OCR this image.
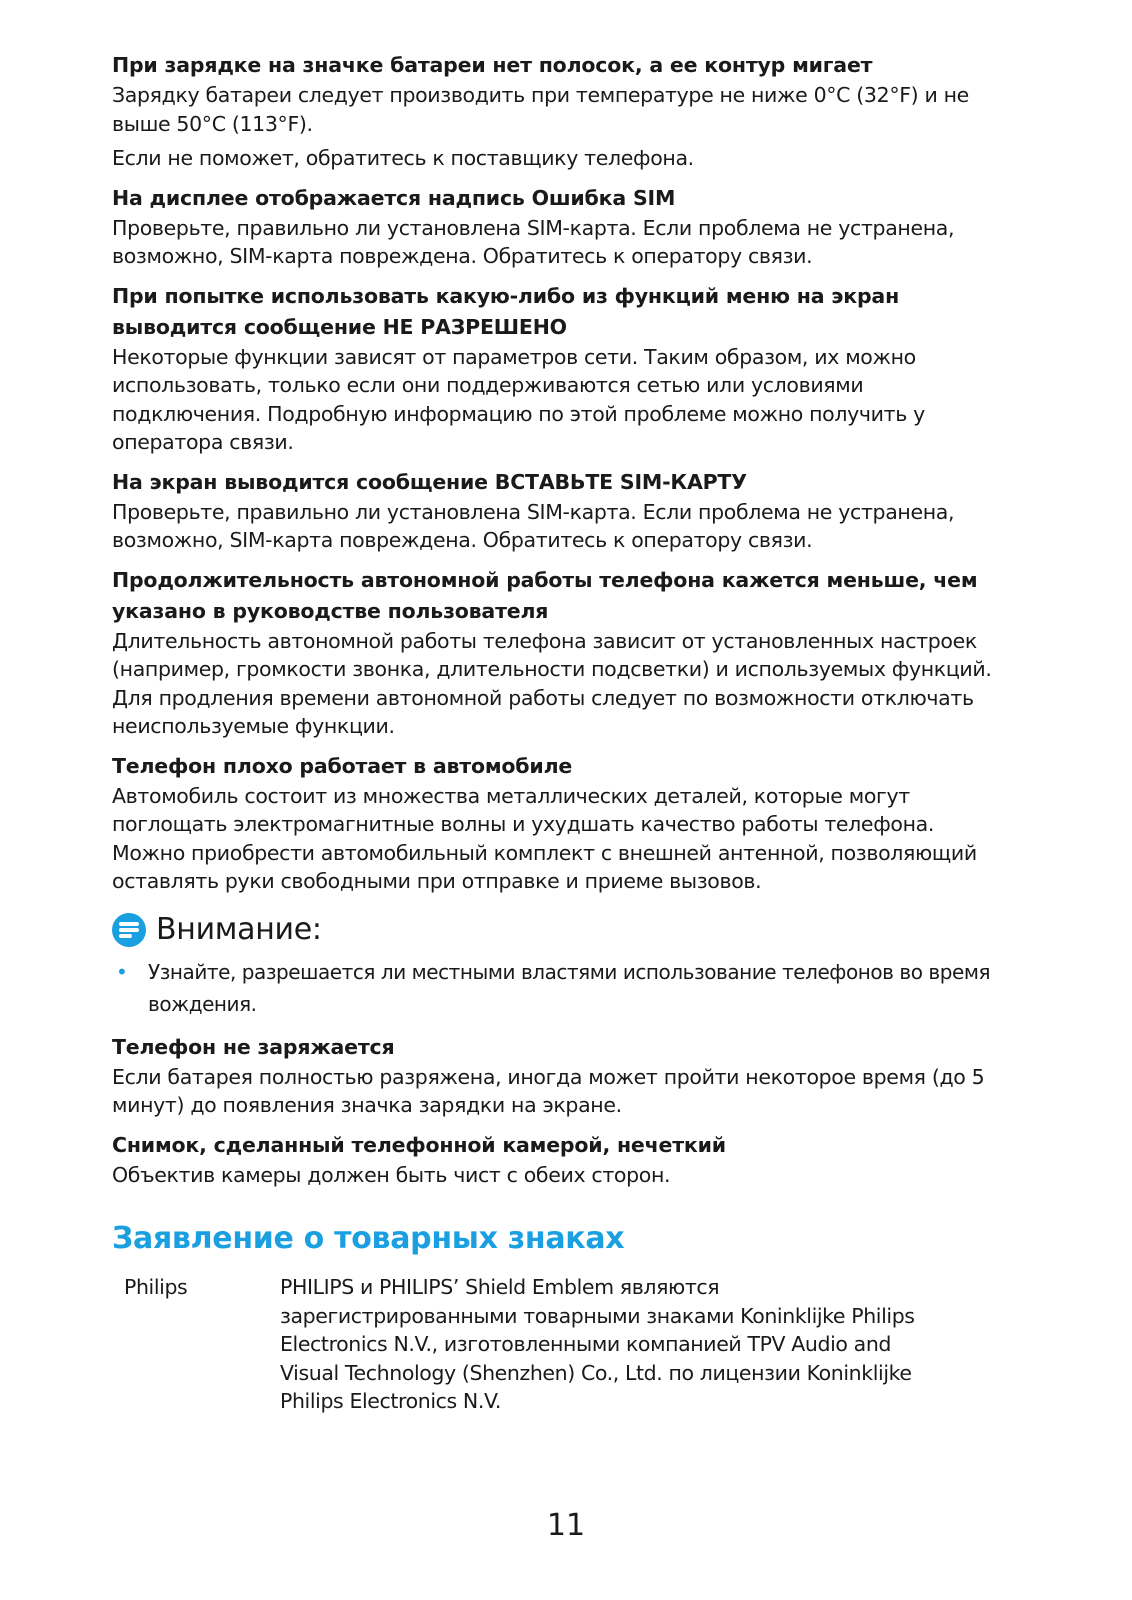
При зарядке на значке батареи нет полосок, а ее контур мигает

Зарядку батареи следует производить при температуре не ниже 0°C (32°F) и не выше 50°C (113°F).

Если не поможет, обратитесь к поставщику телефона.

На дисплее отображается надпись Ошибка SIM

Проверьте, правильно ли установлена SIM-карта. Если проблема не устранена, возможно, SIM-карта повреждена. Обратитесь к оператору связи.

При попытке использовать какую-либо из функций меню на экран выводится сообщение НЕ РАЗРЕШЕНО

Некоторые функции зависят от параметров сети. Таким образом, их можно использовать, только если они поддерживаются сетью или условиями подключения. Подробную информацию по этой проблеме можно получить у оператора связи.

На экран выводится сообщение ВСТАВЬТЕ SIM-КАРТУ

Проверьте, правильно ли установлена SIM-карта. Если проблема не устранена, возможно, SIM-карта повреждена. Обратитесь к оператору связи.

Продолжительность автономной работы телефона кажется меньше, чем указано в руководстве пользователя

Длительность автономной работы телефона зависит от установленных настроек (например, громкости звонка, длительности подсветки) и используемых функций. Для продления времени автономной работы следует по возможности отключать неиспользуемые функции.

Телефон плохо работает в автомобиле

Автомобиль состоит из множества металлических деталей, которые могут поглощать электромагнитные волны и ухудшать качество работы телефона. Можно приобрести автомобильный комплект с внешней антенной, позволяющий оставлять руки свободными при отправке и приеме вызовов.

Внимание:
• Узнайте, разрешается ли местными властями использование телефонов во время вождения.

Телефон не заряжается

Если батарея полностью разряжена, иногда может пройти некоторое время (до 5 минут) до появления значка зарядки на экране.

Снимок, сделанный телефонной камерой, нечеткий

Объектив камеры должен быть чист с обеих сторон.

Заявление о товарных знаках
Philips	PHILIPS и PHILIPS’ Shield Emblem являются зарегистрированными товарными знаками Koninklijke Philips Electronics N.V., изготовленными компанией TPV Audio and Visual Technology (Shenzhen) Co., Ltd. по лицензии Koninklijke Philips Electronics N.V.
11
